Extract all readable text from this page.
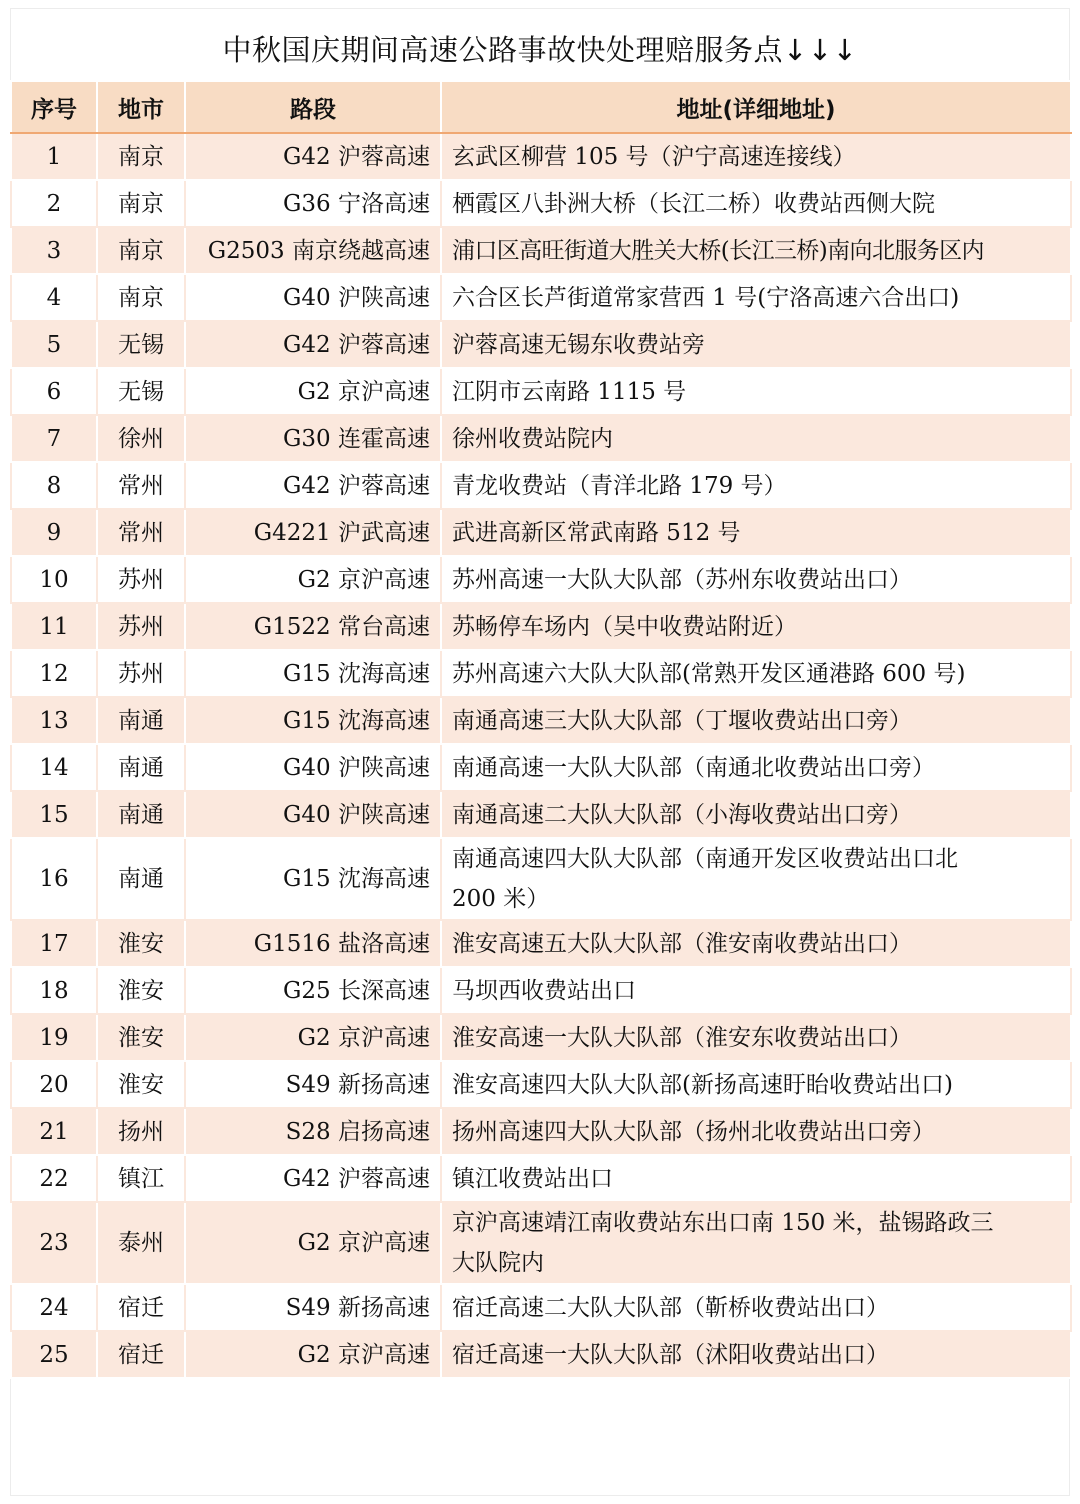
中秋国庆期间高速公路事故快处理赔服务点↓↓↓
序号	地市	路段	地址(详细地址)
1	南京	G42 沪蓉高速	玄武区柳营 105 号（沪宁高速连接线）
2	南京	G36 宁洛高速	栖霞区八卦洲大桥（长江二桥）收费站西侧大院
3	南京	G2503 南京绕越高速	浦口区高旺街道大胜关大桥(长江三桥)南向北服务区内
4	南京	G40 沪陕高速	六合区长芦街道常家营西 1 号(宁洛高速六合出口)
5	无锡	G42 沪蓉高速	沪蓉高速无锡东收费站旁
6	无锡	G2 京沪高速	江阴市云南路 1115 号
7	徐州	G30 连霍高速	徐州收费站院内
8	常州	G42 沪蓉高速	青龙收费站（青洋北路 179 号）
9	常州	G4221 沪武高速	武进高新区常武南路 512 号
10	苏州	G2 京沪高速	苏州高速一大队大队部（苏州东收费站出口）
11	苏州	G1522 常台高速	苏畅停车场内（吴中收费站附近）
12	苏州	G15 沈海高速	苏州高速六大队大队部(常熟开发区通港路 600 号)
13	南通	G15 沈海高速	南通高速三大队大队部（丁堰收费站出口旁）
14	南通	G40 沪陕高速	南通高速一大队大队部（南通北收费站出口旁）
15	南通	G40 沪陕高速	南通高速二大队大队部（小海收费站出口旁）
16	南通	G15 沈海高速	南通高速四大队大队部（南通开发区收费站出口北
200 米）

17	淮安	G1516 盐洛高速	淮安高速五大队大队部（淮安南收费站出口）
18	淮安	G25 长深高速	马坝西收费站出口
19	淮安	G2 京沪高速	淮安高速一大队大队部（淮安东收费站出口）
20	淮安	S49 新扬高速	淮安高速四大队大队部(新扬高速盱眙收费站出口)
21	扬州	S28 启扬高速	扬州高速四大队大队部（扬州北收费站出口旁）
22	镇江	G42 沪蓉高速	镇江收费站出口
23	泰州	G2 京沪高速	京沪高速靖江南收费站东出口南 150 米，盐锡路政三
大队院内

24	宿迁	S49 新扬高速	宿迁高速二大队大队部（靳桥收费站出口）
25	宿迁	G2 京沪高速	宿迁高速一大队大队部（沭阳收费站出口）
